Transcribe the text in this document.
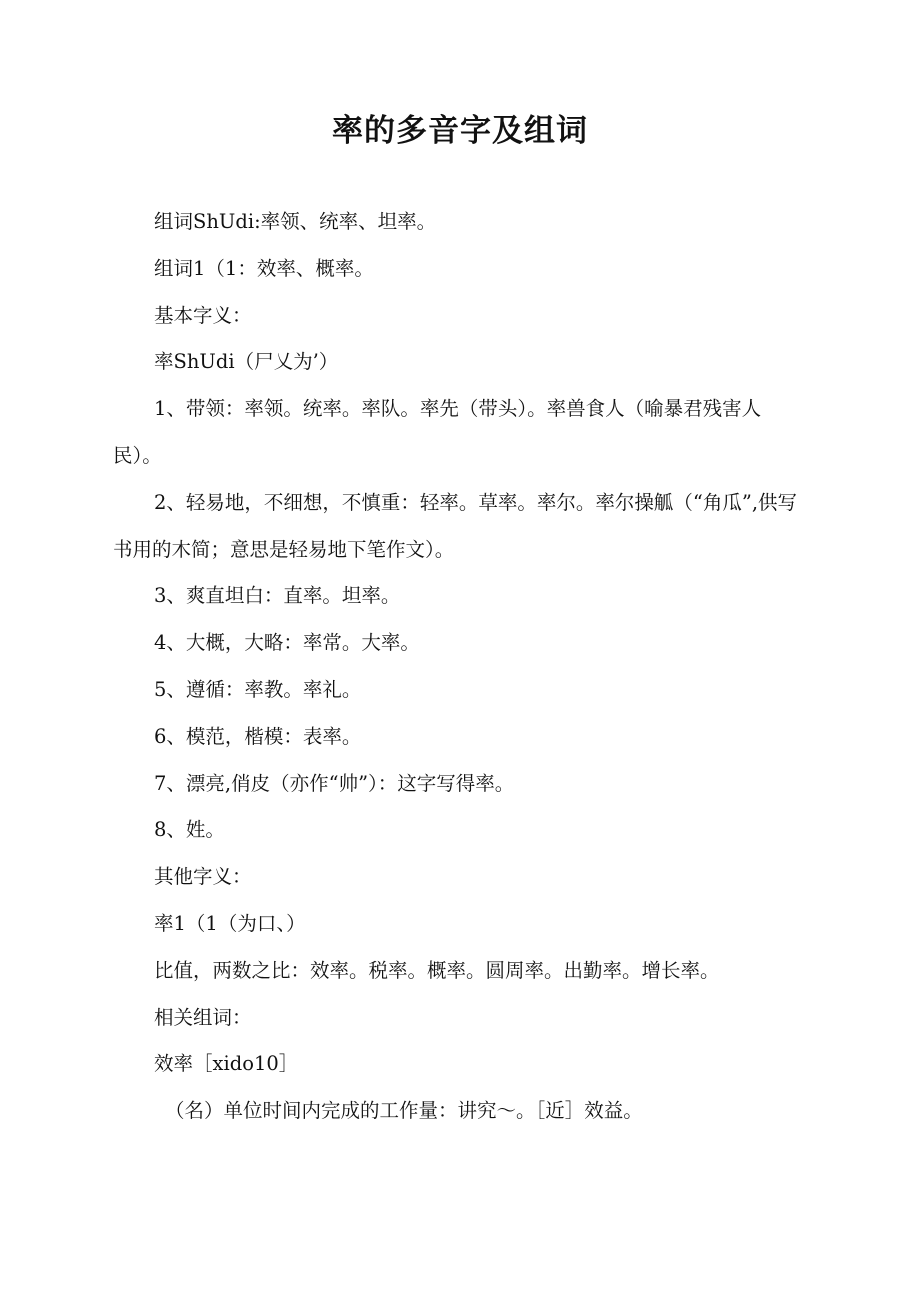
率的多音字及组词

组词ShUdi:率领、统率、坦率。

组词1（1：效率、概率。

基本字义：

率ShUdi（尸乂为’）

1、带领：率领。统率。率队。率先（带头）。率兽食人（喻暴君残害人民）。

2、轻易地，不细想，不慎重：轻率。草率。率尔。率尔操觚（“角瓜”,供写书用的木简；意思是轻易地下笔作文）。

3、爽直坦白：直率。坦率。

4、大概，大略：率常。大率。

5、遵循：率教。率礼。

6、模范，楷模：表率。

7、漂亮,俏皮（亦作“帅”）：这字写得率。

8、姓。

其他字义：

率1（1（为口、）

比值，两数之比：效率。税率。概率。圆周率。出勤率。增长率。

相关组词：

效率［xido10］

（名）单位时间内完成的工作量：讲究～。［近］效益。
